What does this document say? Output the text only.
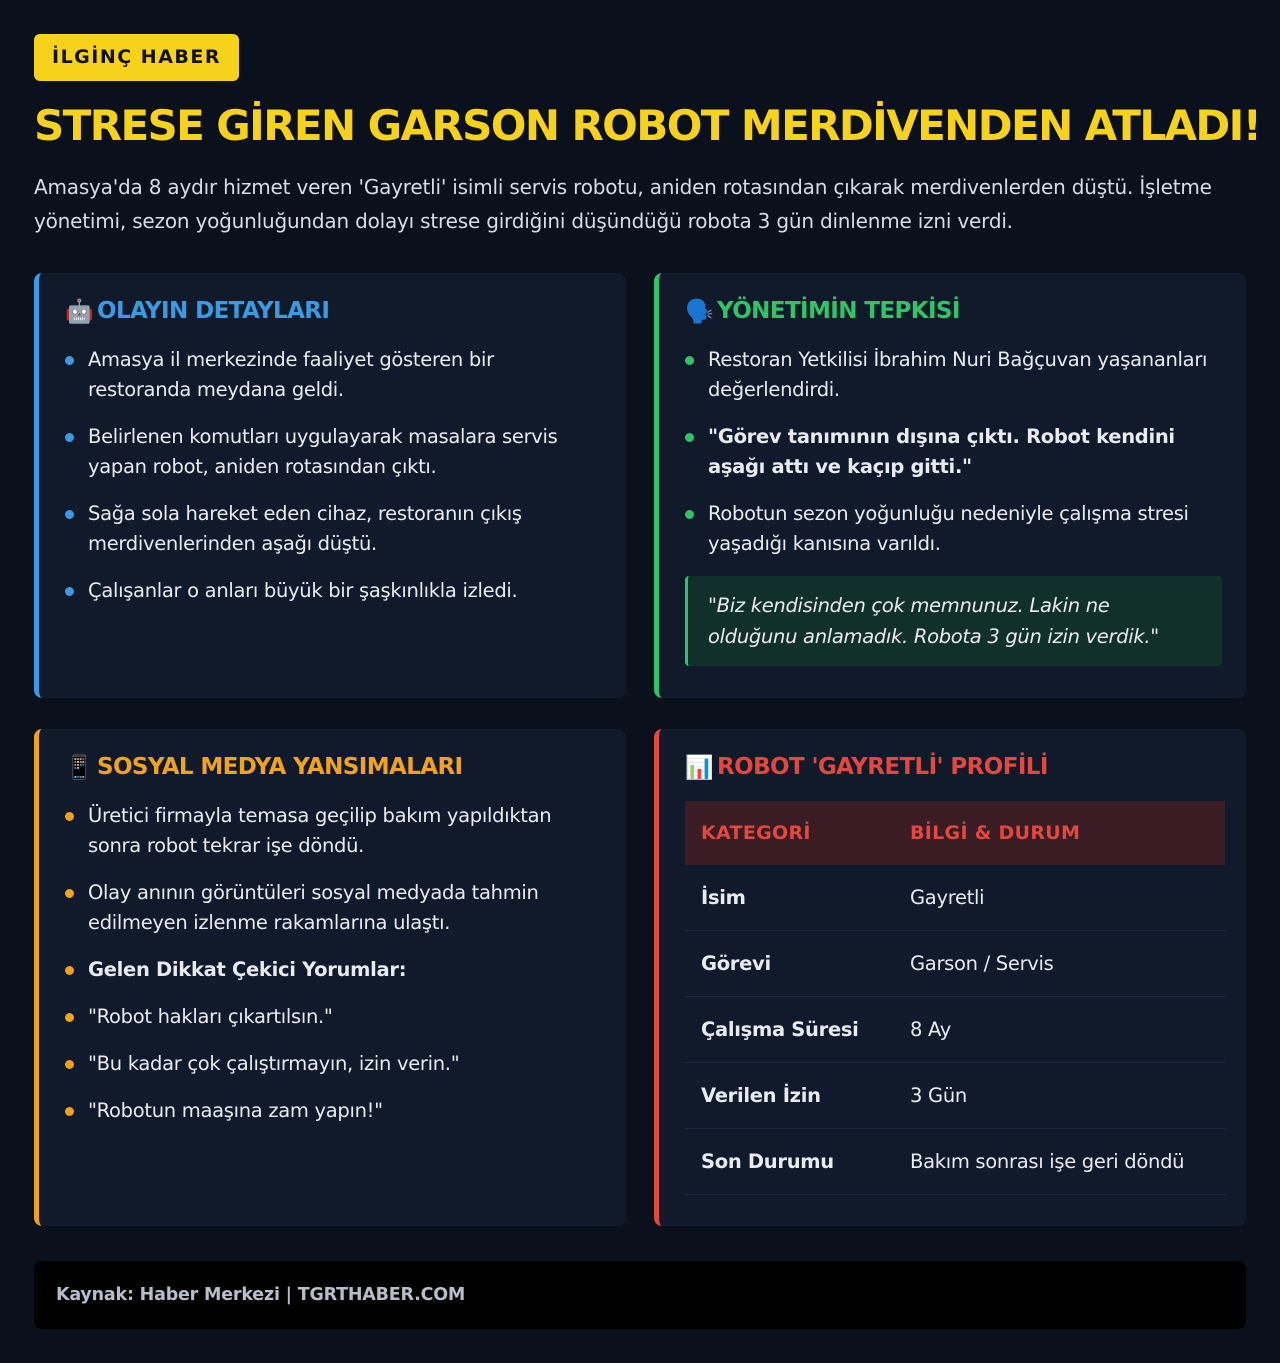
İLGİNÇ HABER
STRESE GİREN GARSON ROBOT MERDİVENDEN ATLADI!

Amasya'da 8 aydır hizmet veren 'Gayretli' isimli servis robotu, aniden rotasından çıkarak merdivenlerden düştü. İşletme yönetimi, sezon yoğunluğundan dolayı strese girdiğini düşündüğü robota 3 gün dinlenme izni verdi.

🤖 OLAYIN DETAYLARI
Amasya il merkezinde faaliyet gösteren bir restoranda meydana geldi.
Belirlenen komutları uygulayarak masalara servis yapan robot, aniden rotasından çıktı.
Sağa sola hareket eden cihaz, restoranın çıkış merdivenlerinden aşağı düştü.
Çalışanlar o anları büyük bir şaşkınlıkla izledi.
🗣️ YÖNETİMİN TEPKİSİ
Restoran Yetkilisi İbrahim Nuri Bağçuvan yaşananları değerlendirdi.
"Görev tanımının dışına çıktı. Robot kendini aşağı attı ve kaçıp gitti."
Robotun sezon yoğunluğu nedeniyle çalışma stresi yaşadığı kanısına varıldı.
"Biz kendisinden çok memnunuz. Lakin ne olduğunu anlamadık. Robota 3 gün izin verdik."
📱 SOSYAL MEDYA YANSIMALARI
Üretici firmayla temasa geçilip bakım yapıldıktan sonra robot tekrar işe döndü.
Olay anının görüntüleri sosyal medyada tahmin edilmeyen izlenme rakamlarına ulaştı.
Gelen Dikkat Çekici Yorumlar:
"Robot hakları çıkartılsın."
"Bu kadar çok çalıştırmayın, izin verin."
"Robotun maaşına zam yapın!"
📊 ROBOT 'GAYRETLİ' PROFİLİ
KATEGORİ	BİLGİ & DURUM
İsim	Gayretli
Görevi	Garson / Servis
Çalışma Süresi	8 Ay
Verilen İzin	3 Gün
Son Durumu	Bakım sonrası işe geri döndü
Kaynak: Haber Merkezi | TGRTHABER.COM
